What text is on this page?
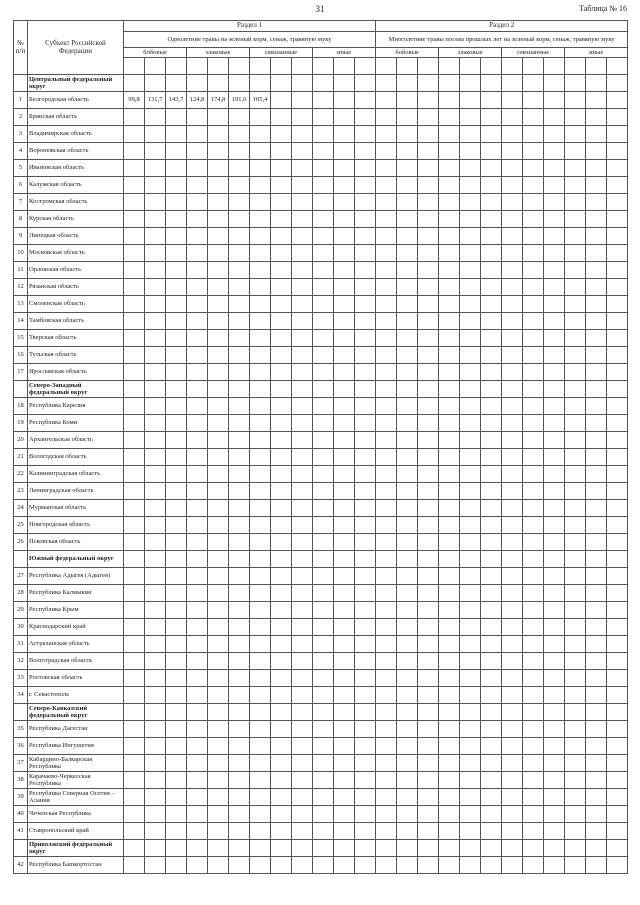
31	Таблица № 16
№ п/п	Субъект Российской Федерации	Раздел 1												Раздел 2											
		Однолетние травы на зеленый корм, сенаж, травяную муку												Многолетние травы посева прошлых лет на зеленый корм, сенаж, травяную муку											
		бобовые			злаковые			смешанные			иные			бобовые			злаковые			смешанные			иные		

	Центральный федеральный округ																								
1	Белгородская область	99,8	131,7	143,7	124,8	174,8	191,6	105,4																	
2	Брянская область																								
3	Владимирская область																								
4	Воронежская область																								
5	Ивановская область																								
6	Калужская область																								
7	Костромская область																								
8	Курская область																								
9	Липецкая область																								
10	Московская область																								
11	Орловская область																								
12	Рязанская область																								
13	Смоленская область																								
14	Тамбовская область																								
15	Тверская область																								
16	Тульская область																								
17	Ярославская область																								
	Северо-Западный федеральный округ																								
18	Республика Карелия																								
19	Республика Коми																								
20	Архангельская область																								
21	Вологодская область																								
22	Калининградская область																								
23	Ленинградская область																								
24	Мурманская область																								
25	Новгородская область																								
26	Псковская область																								
	Южный федеральный округ																								
27	Республика Адыгея (Адыгея)																								
28	Республика Калмыкия																								
29	Республика Крым																								
30	Краснодарский край																								
31	Астраханская область																								
32	Волгоградская область																								
33	Ростовская область																								
34	г. Севастополь																								
	Северо-Кавказский федеральный округ																								
35	Республика Дагестан																								
36	Республика Ингушетия																								
37	Кабардино-Балкарская Республика																								
38	Карачаево-Черкесская Республика																								
39	Республика Северная Осетия – Алания																								
40	Чеченская Республика																								
41	Ставропольский край																								
	Приволжский федеральный округ																								
42	Республика Башкортостан																								
